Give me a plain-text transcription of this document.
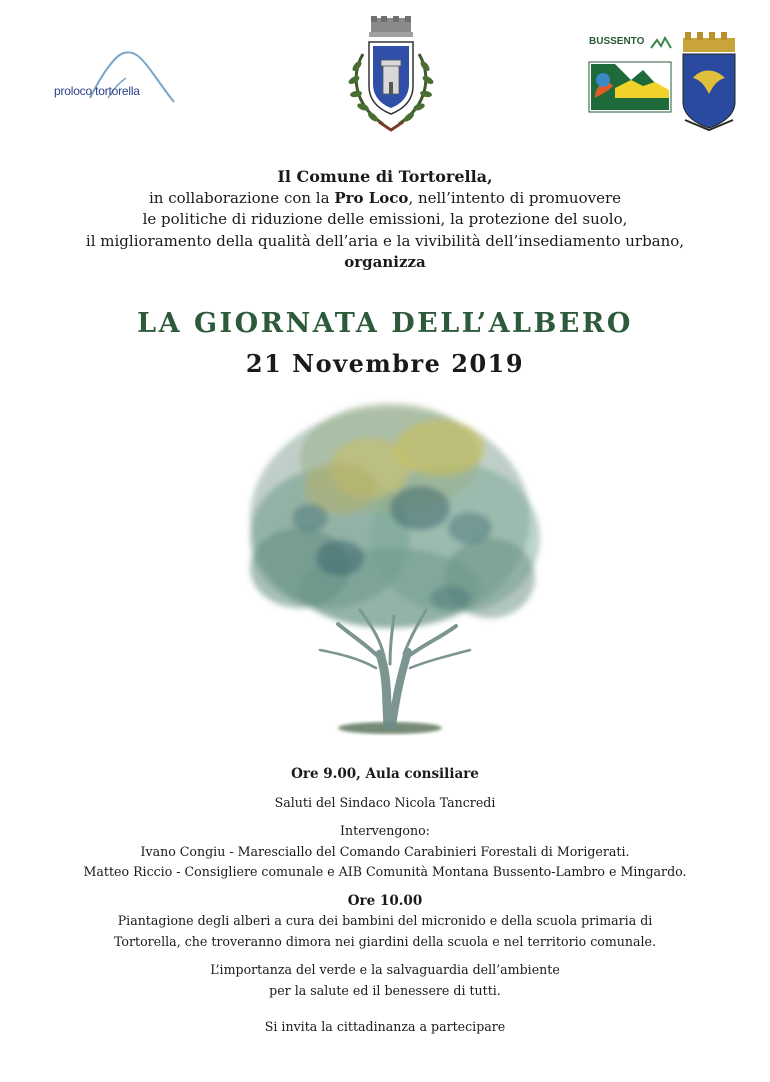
proloco tortorella
BUSSENTO
Il Comune di Tortorella,
in collaborazione con la Pro Loco, nell’intento di promuovere
le politiche di riduzione delle emissioni, la protezione del suolo,
il miglioramento della qualità dell’aria e la vivibilità dell’insediamento urbano,
organizza
LA GIORNATA DELL’ALBERO
21 Novembre 2019

Ore 9.00, Aula consiliare

Saluti del Sindaco Nicola Tancredi

Intervengono:

Ivano Congiu - Maresciallo del Comando Carabinieri Forestali di Morigerati.

Matteo Riccio - Consigliere comunale e AIB Comunità Montana Bussento-Lambro e Mingardo.

Ore 10.00

Piantagione degli alberi a cura dei bambini del micronido e della scuola primaria di

Tortorella, che troveranno dimora nei giardini della scuola e nel territorio comunale.

L’importanza del verde e la salvaguardia dell’ambiente

per la salute ed il benessere di tutti.

Si invita la cittadinanza a partecipare
